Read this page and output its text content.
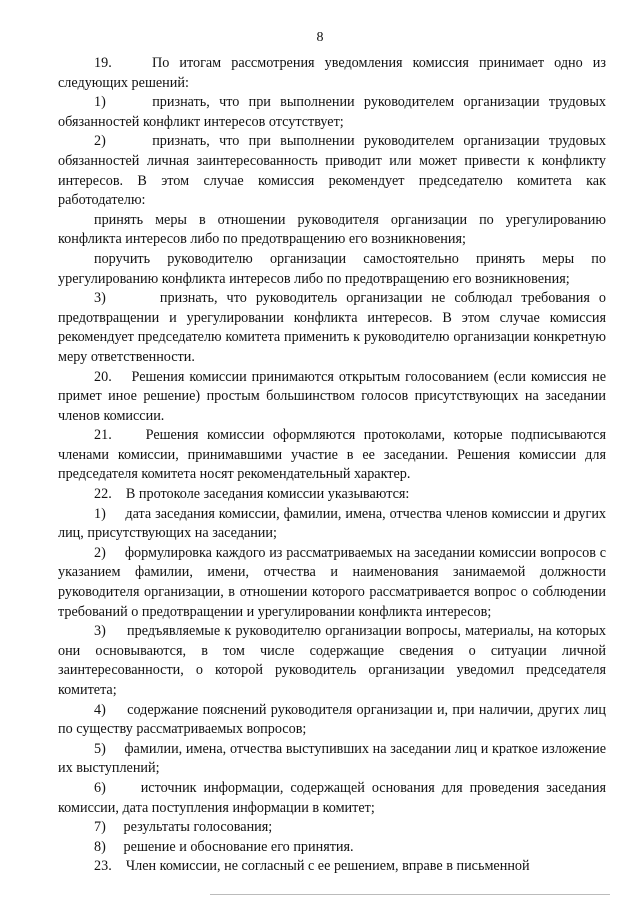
8

19.    По итогам рассмотрения уведомления комиссия принимает одно из следующих решений:

1)     признать, что при выполнении руководителем организации трудовых обязанностей конфликт интересов отсутствует;

2)     признать, что при выполнении руководителем организации трудовых обязанностей личная заинтересованность приводит или может привести к конфликту интересов. В этом случае комиссия рекомендует председателю комитета как работодателю:

принять меры в отношении руководителя организации по урегулированию конфликта интересов либо по предотвращению его возникновения;

поручить руководителю организации самостоятельно принять меры по урегулированию конфликта интересов либо по предотвращению его возникновения;

3)      признать, что руководитель организации не соблюдал требования о предотвращении и урегулировании конфликта интересов. В этом случае комиссия рекомендует председателю комитета применить к руководителю организации конкретную меру ответственности.

20.    Решения комиссии принимаются открытым голосованием (если комиссия не примет иное решение) простым большинством голосов присутствующих на заседании членов комиссии.

21.    Решения комиссии оформляются протоколами, которые подписываются членами комиссии, принимавшими участие в ее заседании. Решения комиссии для председателя комитета носят рекомендательный характер.

22.    В протоколе заседания комиссии указываются:

1)     дата заседания комиссии, фамилии, имена, отчества членов комиссии и других лиц, присутствующих на заседании;

2)     формулировка каждого из рассматриваемых на заседании комиссии вопросов с указанием фамилии, имени, отчества и наименования занимаемой должности руководителя организации, в отношении которого рассматривается вопрос о соблюдении требований о предотвращении и урегулировании конфликта интересов;

3)     предъявляемые к руководителю организации вопросы, материалы, на которых они основываются, в том числе содержащие сведения о ситуации личной заинтересованности, о которой руководитель организации уведомил председателя комитета;

4)     содержание пояснений руководителя организации и, при наличии, других лиц по существу рассматриваемых вопросов;

5)     фамилии, имена, отчества выступивших на заседании лиц и краткое изложение их выступлений;

6)     источник информации, содержащей основания для проведения заседания комиссии, дата поступления информации в комитет;

7)     результаты голосования;

8)     решение и обоснование его принятия.

23.    Член комиссии, не согласный с ее решением, вправе в письменной
